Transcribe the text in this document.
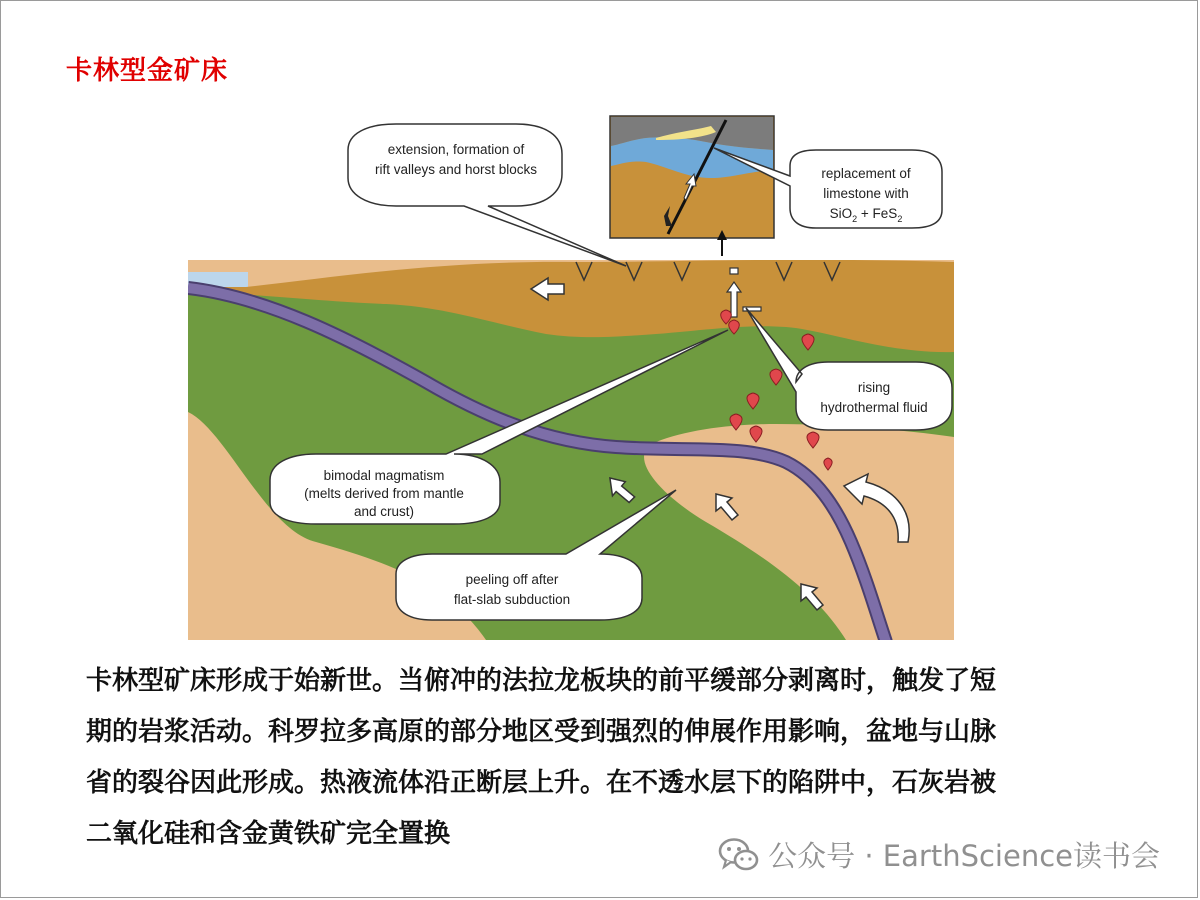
卡林型金矿床
extension, formation of
rift valleys and horst blocks	replacement of
limestone with
SiO$_2$ + FeS$_2$
rising
hydrothermal fluid
bimodal magmatism
(melts derived from mantle
and crust)
peeling off after
flat-slab subduction
卡林型矿床形成于始新世。当俯冲的法拉龙板块的前平缓部分剥离时，触发了短
期的岩浆活动。科罗拉多高原的部分地区受到强烈的伸展作用影响，盆地与山脉
省的裂谷因此形成。热液流体沿正断层上升。在不透水层下的陷阱中，石灰岩被
二氧化硅和含金黄铁矿完全置换
公众号 · EarthScience读书会
